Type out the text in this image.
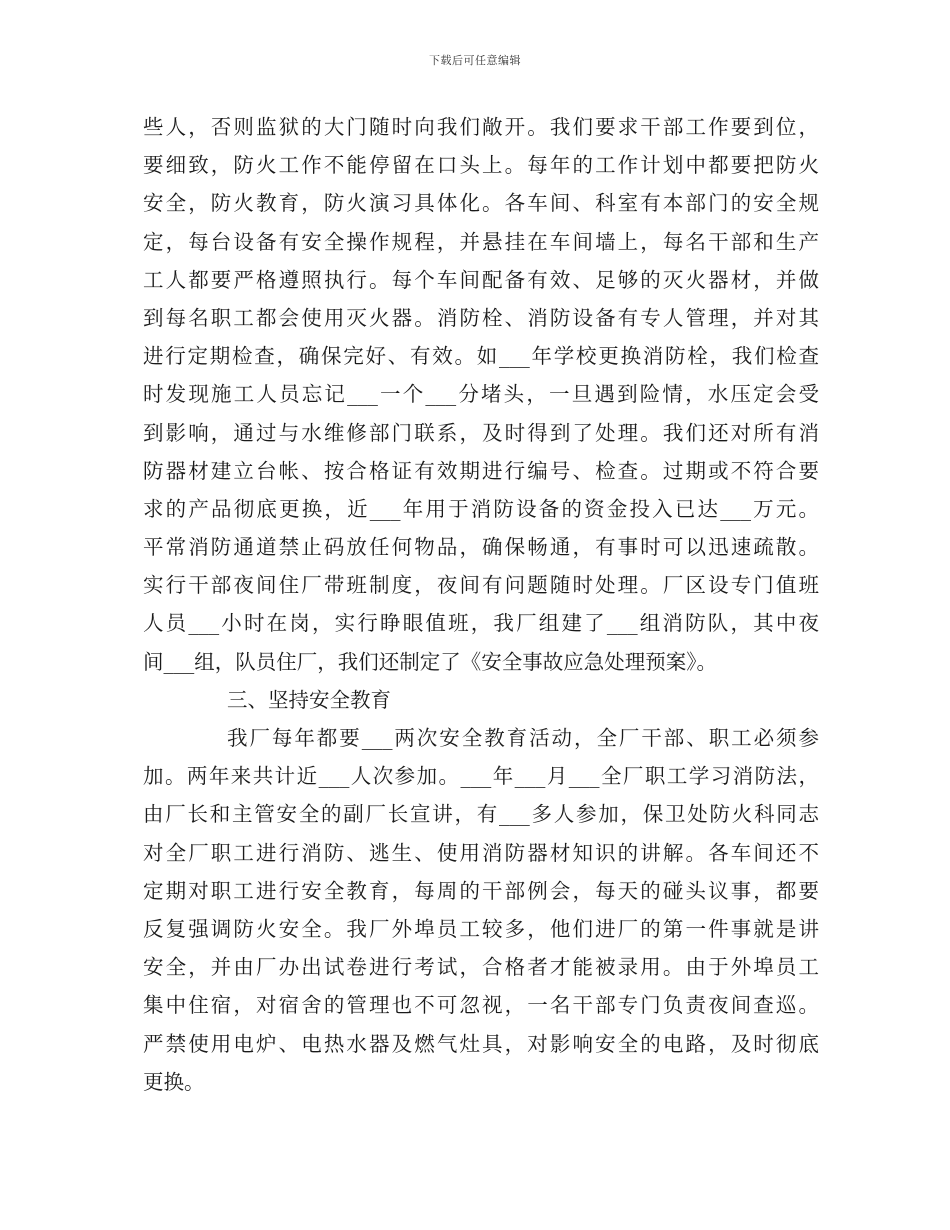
下载后可任意编辑
些人，否则监狱的大门随时向我们敞开。我们要求干部工作要到位，
要细致，防火工作不能停留在口头上。每年的工作计划中都要把防火
安全，防火教育，防火演习具体化。各车间、科室有本部门的安全规
定，每台设备有安全操作规程，并悬挂在车间墙上，每名干部和生产
工人都要严格遵照执行。每个车间配备有效、足够的灭火器材，并做
到每名职工都会使用灭火器。消防栓、消防设备有专人管理，并对其
进行定期检查，确保完好、有效。如___年学校更换消防栓，我们检查
时发现施工人员忘记___一个___分堵头，一旦遇到险情，水压定会受
到影响，通过与水维修部门联系，及时得到了处理。我们还对所有消
防器材建立台帐、按合格证有效期进行编号、检查。过期或不符合要
求的产品彻底更换，近___年用于消防设备的资金投入已达___万元。
平常消防通道禁止码放任何物品，确保畅通，有事时可以迅速疏散。
实行干部夜间住厂带班制度，夜间有问题随时处理。厂区设专门值班
人员___小时在岗，实行睁眼值班，我厂组建了___组消防队，其中夜
间___组，队员住厂，我们还制定了《安全事故应急处理预案》。
三、坚持安全教育
我厂每年都要___两次安全教育活动，全厂干部、职工必须参
加。两年来共计近___人次参加。___年___月___全厂职工学习消防法，
由厂长和主管安全的副厂长宣讲，有___多人参加，保卫处防火科同志
对全厂职工进行消防、逃生、使用消防器材知识的讲解。各车间还不
定期对职工进行安全教育，每周的干部例会，每天的碰头议事，都要
反复强调防火安全。我厂外埠员工较多，他们进厂的第一件事就是讲
安全，并由厂办出试卷进行考试，合格者才能被录用。由于外埠员工
集中住宿，对宿舍的管理也不可忽视，一名干部专门负责夜间查巡。
严禁使用电炉、电热水器及燃气灶具，对影响安全的电路，及时彻底
更换。
